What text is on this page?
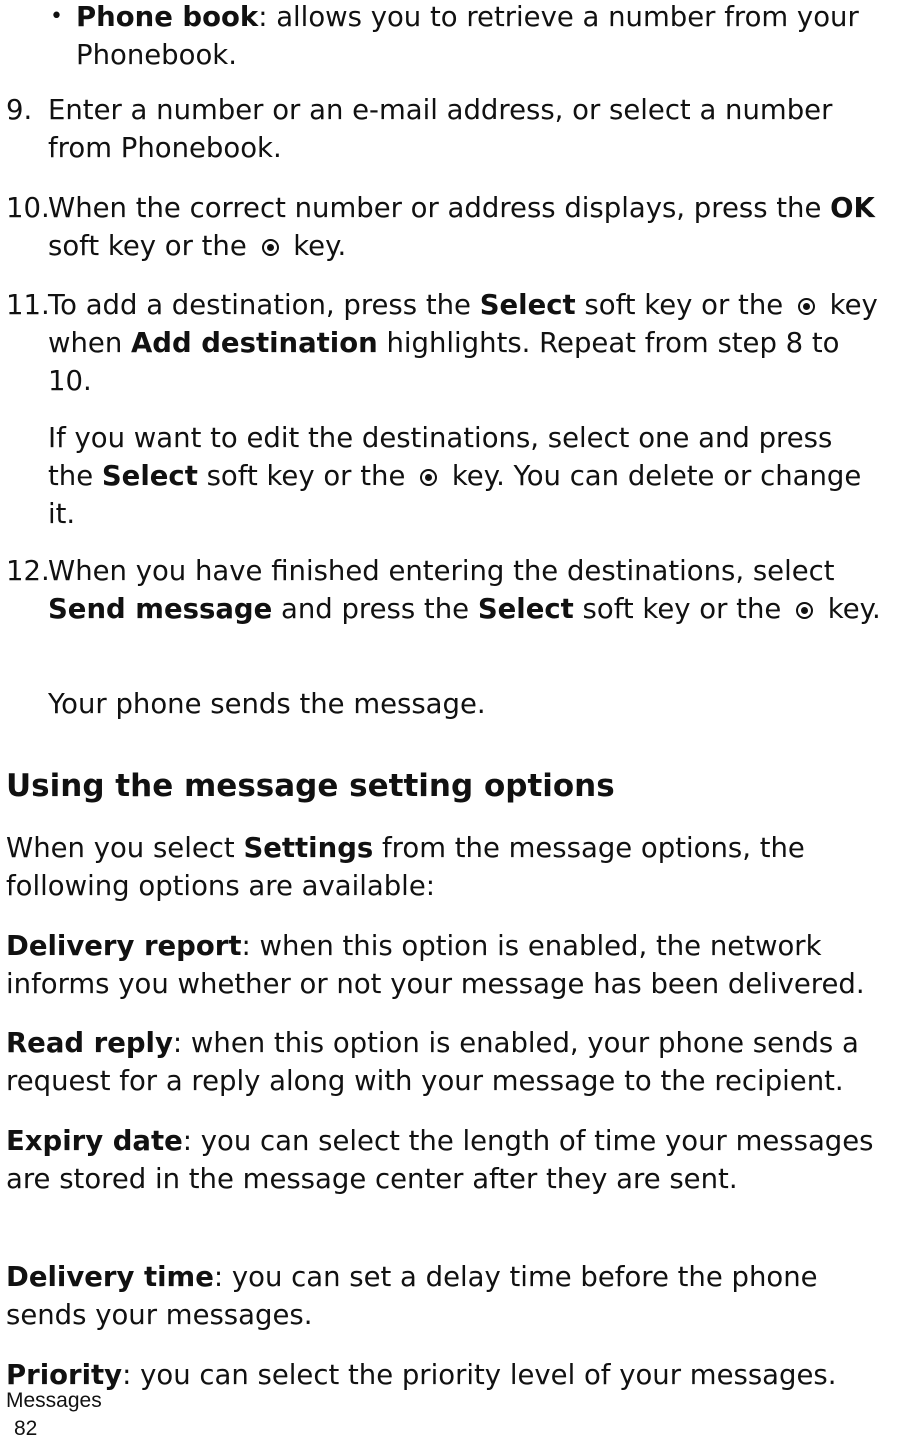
• Phone book: allows you to retrieve a number from your Phonebook.
9. Enter a number or an e-mail address, or select a number from Phonebook.
10.
When the correct number or address displays, press the OK soft key or the  key.
11.
To add a destination, press the Select soft key or the  key when Add destination highlights. Repeat from step 8 to 10.
If you want to edit the destinations, select one and press the Select soft key or the  key. You can delete or change it.
12.
When you have finished entering the destinations, select Send message and press the Select soft key or the  key.
Your phone sends the message.
Using the message setting options
When you select Settings from the message options, the following options are available:
Delivery report: when this option is enabled, the network informs you whether or not your message has been delivered.
Read reply: when this option is enabled, your phone sends a request for a reply along with your message to the recipient.
Expiry date: you can select the length of time your messages are stored in the message center after they are sent.
Delivery time: you can set a delay time before the phone sends your messages.
Priority: you can select the priority level of your messages.
Messages
82
